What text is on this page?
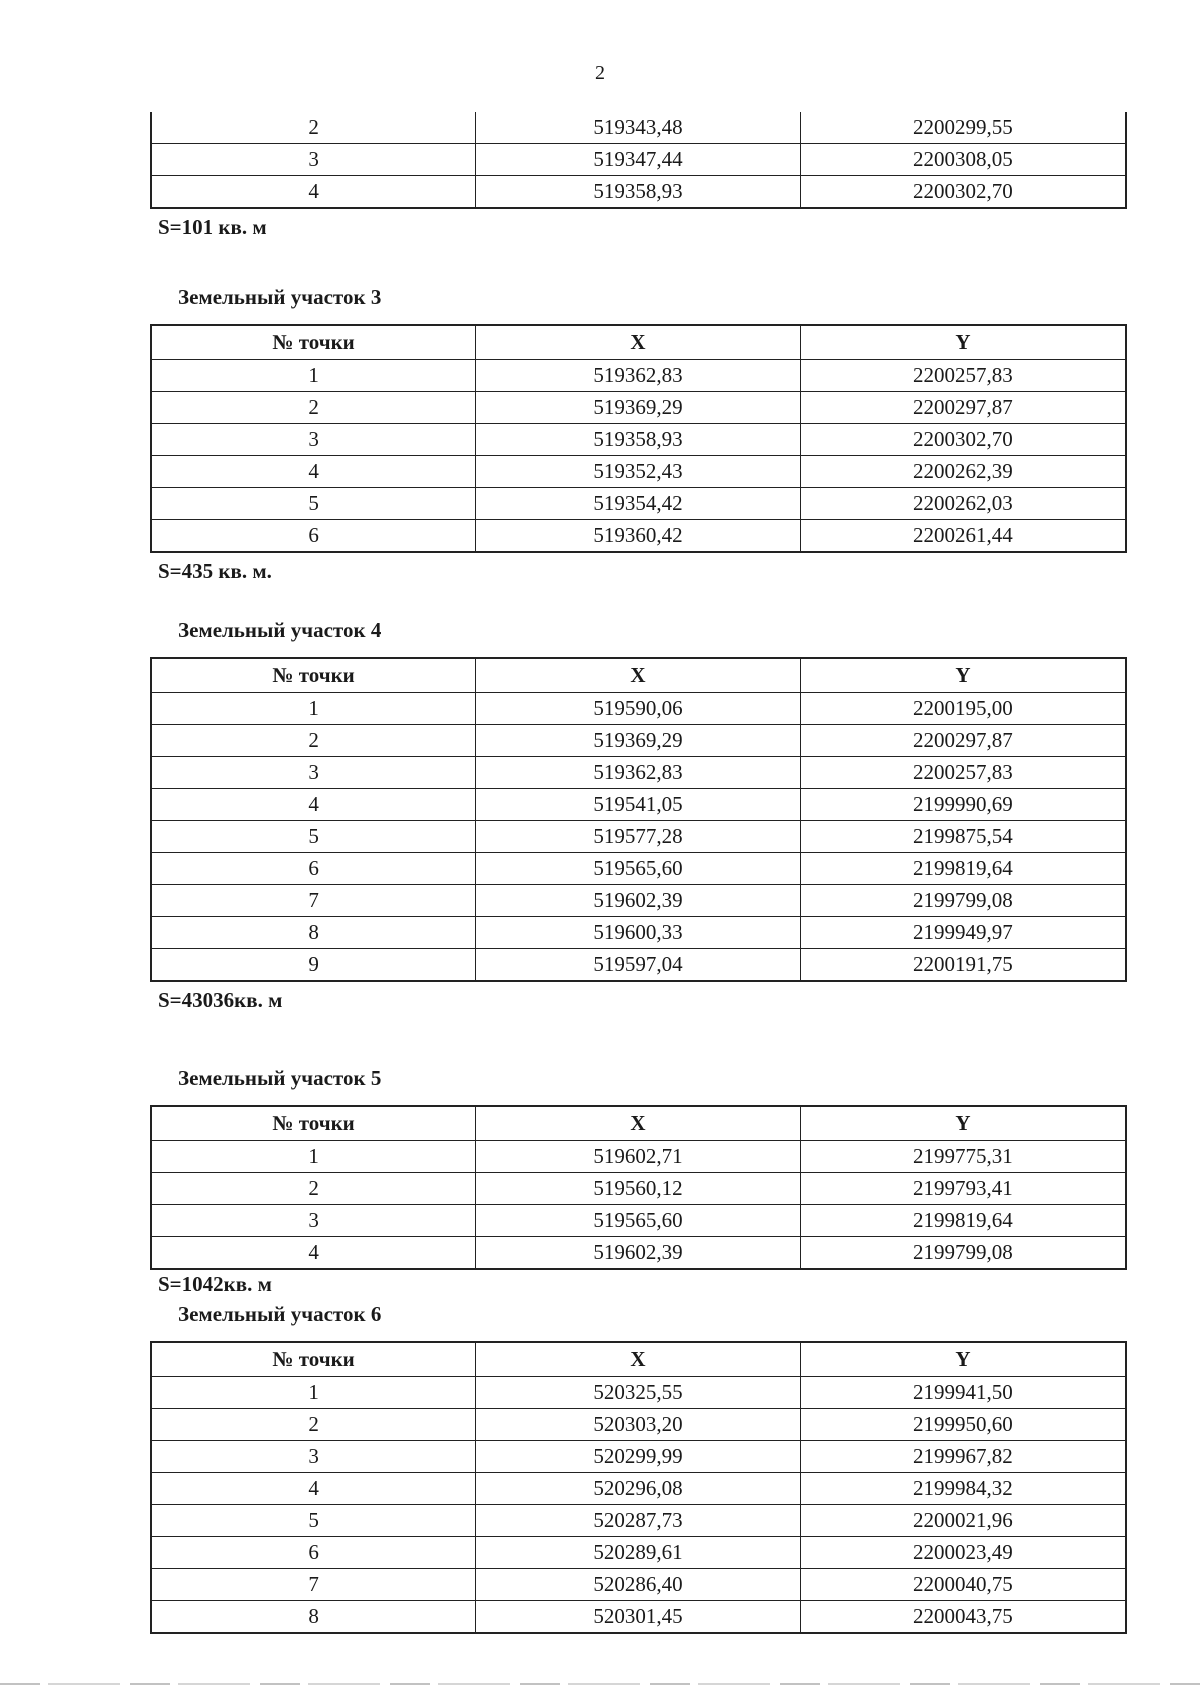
2
2	519343,48	2200299,55
3	519347,44	2200308,05
4	519358,93	2200302,70
S=101 кв. м
Земельный участок 3
№ точки	X	Y
1	519362,83	2200257,83
2	519369,29	2200297,87
3	519358,93	2200302,70
4	519352,43	2200262,39
5	519354,42	2200262,03
6	519360,42	2200261,44
S=435 кв. м.
Земельный участок 4
№ точки	X	Y
1	519590,06	2200195,00
2	519369,29	2200297,87
3	519362,83	2200257,83
4	519541,05	2199990,69
5	519577,28	2199875,54
6	519565,60	2199819,64
7	519602,39	2199799,08
8	519600,33	2199949,97
9	519597,04	2200191,75
S=43036кв. м
Земельный участок 5
№ точки	X	Y
1	519602,71	2199775,31
2	519560,12	2199793,41
3	519565,60	2199819,64
4	519602,39	2199799,08
S=1042кв. м
Земельный участок 6
№ точки	X	Y
1	520325,55	2199941,50
2	520303,20	2199950,60
3	520299,99	2199967,82
4	520296,08	2199984,32
5	520287,73	2200021,96
6	520289,61	2200023,49
7	520286,40	2200040,75
8	520301,45	2200043,75
